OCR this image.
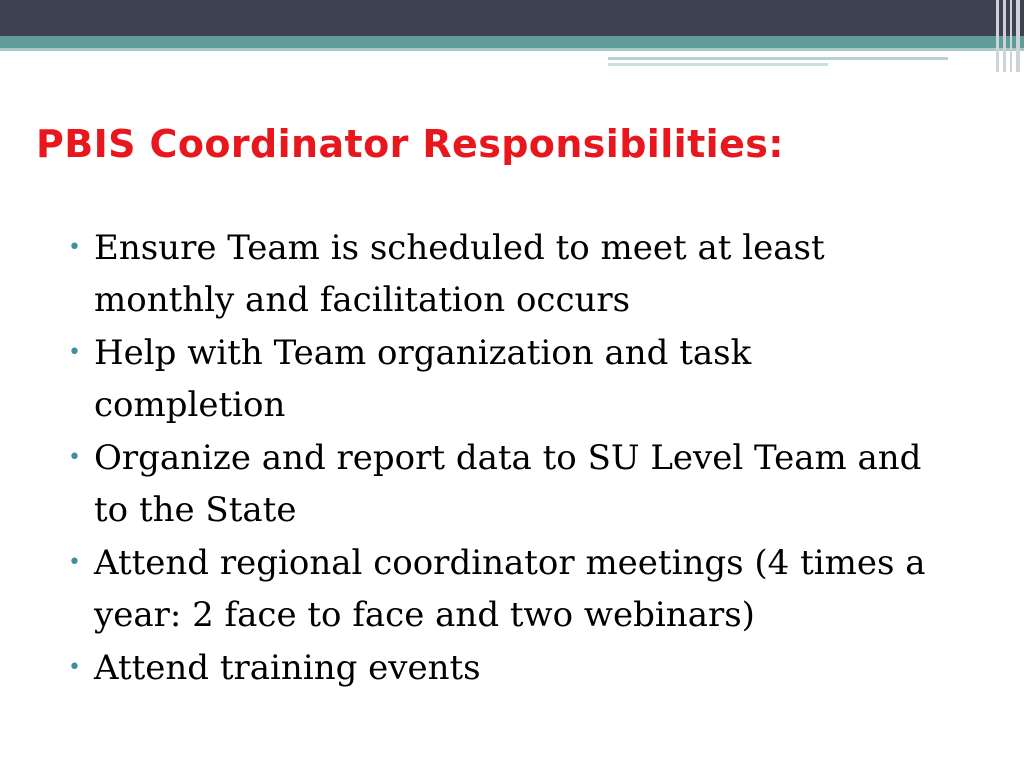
PBIS Coordinator Responsibilities:
• Ensure Team is scheduled to meet at least monthly and facilitation occurs
• Help with Team organization and task completion
• Organize and report data to SU Level Team and to the State
• Attend regional coordinator meetings (4 times a year: 2 face to face and two webinars)
• Attend training events
